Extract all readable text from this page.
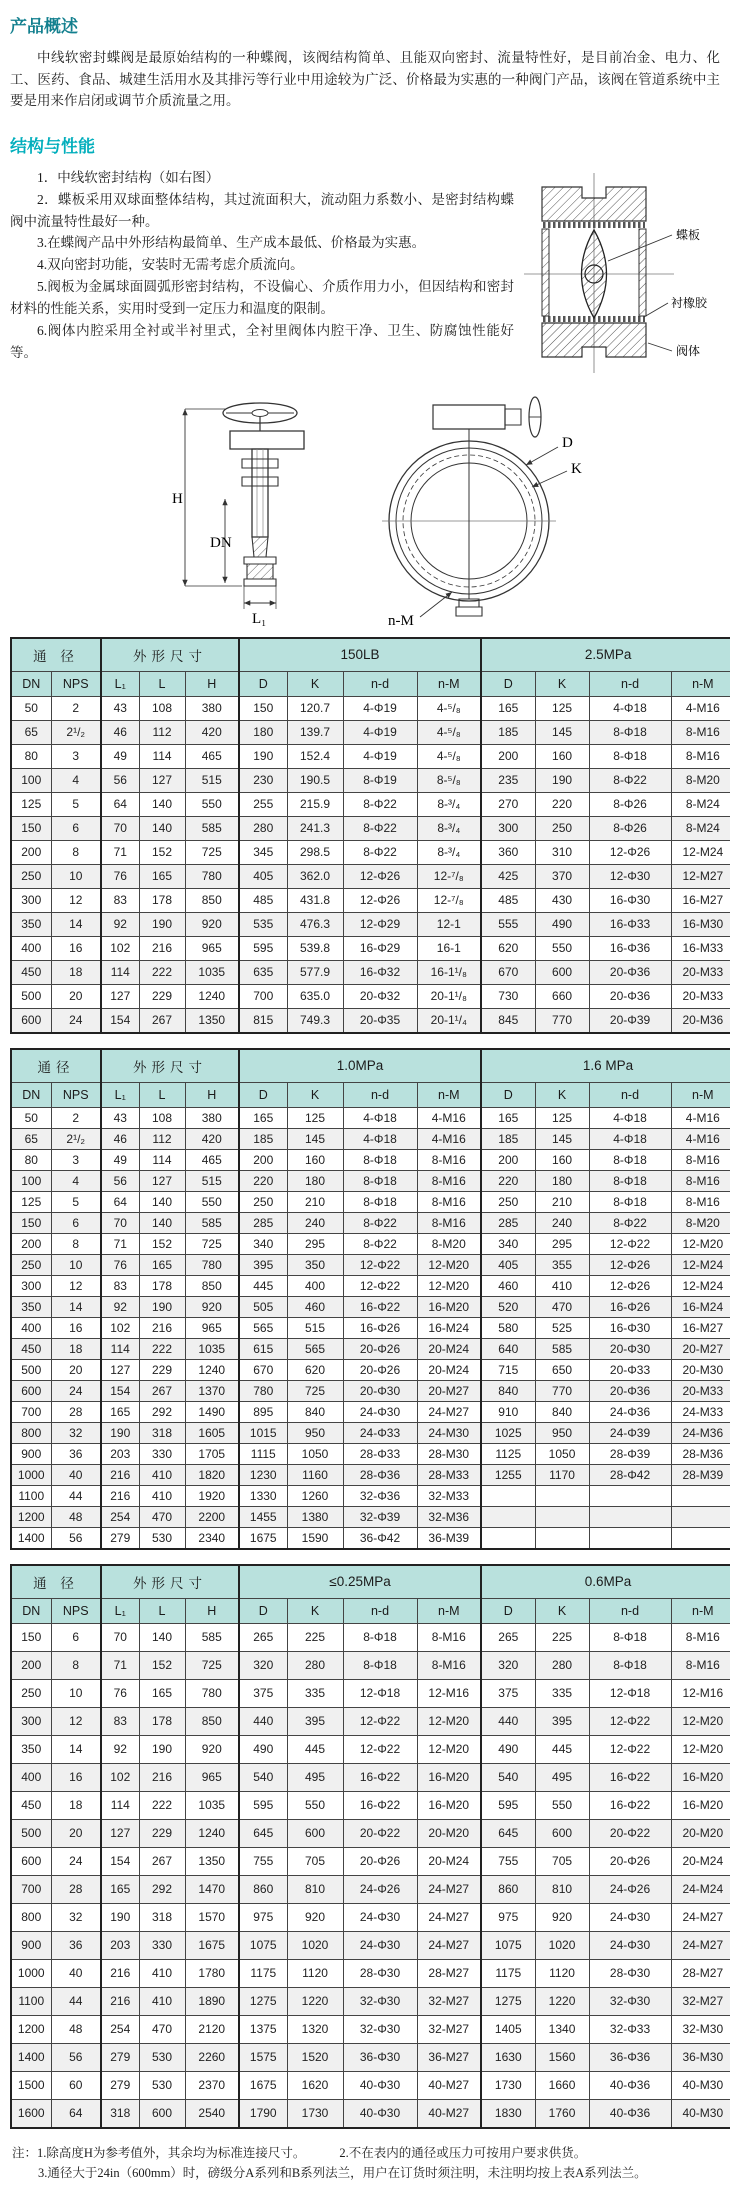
产品概述

中线软密封蝶阀是最原始结构的一种蝶阀，该阀结构简单、且能双向密封、流量特性好，是目前冶金、电力、化工、医药、食品、城建生活用水及其排污等行业中用途较为广泛、价格最为实惠的一种阀门产品，该阀在管道系统中主要是用来作启闭或调节介质流量之用。

结构与性能
蝶板
衬橡胶
阀体

1．中线软密封结构（如右图）

2．蝶板采用双球面整体结构，其过流面积大，流动阻力系数小、是密封结构蝶阀中流量特性最好一种。

3.在蝶阀产品中外形结构最简单、生产成本最低、价格最为实惠。

4.双向密封功能，安装时无需考虑介质流向。

5.阀板为金属球面圆弧形密封结构，不设偏心、介质作用力小，但因结构和密封材料的性能关系，实用时受到一定压力和温度的限制。

6.阀体内腔采用全衬或半衬里式，全衬里阀体内腔干净、卫生、防腐蚀性能好等。

H
DN
L₁
D
K
n-M
通 径		外形尺寸			150LB				2.5MPa			
DN	NPS	L₁	L	H	D	K	n-d	n-M	D	K	n-d	n-M
50	2	43	108	380	150	120.7	4-Φ19	4-⁵/₈	165	125	4-Φ18	4-M16
65	2¹/₂	46	112	420	180	139.7	4-Φ19	4-⁵/₈	185	145	8-Φ18	8-M16
80	3	49	114	465	190	152.4	4-Φ19	4-⁵/₈	200	160	8-Φ18	8-M16
100	4	56	127	515	230	190.5	8-Φ19	8-⁵/₈	235	190	8-Φ22	8-M20
125	5	64	140	550	255	215.9	8-Φ22	8-³/₄	270	220	8-Φ26	8-M24
150	6	70	140	585	280	241.3	8-Φ22	8-³/₄	300	250	8-Φ26	8-M24
200	8	71	152	725	345	298.5	8-Φ22	8-³/₄	360	310	12-Φ26	12-M24
250	10	76	165	780	405	362.0	12-Φ26	12-⁷/₈	425	370	12-Φ30	12-M27
300	12	83	178	850	485	431.8	12-Φ26	12-⁷/₈	485	430	16-Φ30	16-M27
350	14	92	190	920	535	476.3	12-Φ29	12-1	555	490	16-Φ33	16-M30
400	16	102	216	965	595	539.8	16-Φ29	16-1	620	550	16-Φ36	16-M33
450	18	114	222	1035	635	577.9	16-Φ32	16-1¹/₈	670	600	20-Φ36	20-M33
500	20	127	229	1240	700	635.0	20-Φ32	20-1¹/₈	730	660	20-Φ36	20-M33
600	24	154	267	1350	815	749.3	20-Φ35	20-1¹/₄	845	770	20-Φ39	20-M36
通径		外形尺寸			1.0MPa				1.6 MPa			
DN	NPS	L₁	L	H	D	K	n-d	n-M	D	K	n-d	n-M
50	2	43	108	380	165	125	4-Φ18	4-M16	165	125	4-Φ18	4-M16
65	2¹/₂	46	112	420	185	145	4-Φ18	4-M16	185	145	4-Φ18	4-M16
80	3	49	114	465	200	160	8-Φ18	8-M16	200	160	8-Φ18	8-M16
100	4	56	127	515	220	180	8-Φ18	8-M16	220	180	8-Φ18	8-M16
125	5	64	140	550	250	210	8-Φ18	8-M16	250	210	8-Φ18	8-M16
150	6	70	140	585	285	240	8-Φ22	8-M16	285	240	8-Φ22	8-M20
200	8	71	152	725	340	295	8-Φ22	8-M20	340	295	12-Φ22	12-M20
250	10	76	165	780	395	350	12-Φ22	12-M20	405	355	12-Φ26	12-M24
300	12	83	178	850	445	400	12-Φ22	12-M20	460	410	12-Φ26	12-M24
350	14	92	190	920	505	460	16-Φ22	16-M20	520	470	16-Φ26	16-M24
400	16	102	216	965	565	515	16-Φ26	16-M24	580	525	16-Φ30	16-M27
450	18	114	222	1035	615	565	20-Φ26	20-M24	640	585	20-Φ30	20-M27
500	20	127	229	1240	670	620	20-Φ26	20-M24	715	650	20-Φ33	20-M30
600	24	154	267	1370	780	725	20-Φ30	20-M27	840	770	20-Φ36	20-M33
700	28	165	292	1490	895	840	24-Φ30	24-M27	910	840	24-Φ36	24-M33
800	32	190	318	1605	1015	950	24-Φ33	24-M30	1025	950	24-Φ39	24-M36
900	36	203	330	1705	1115	1050	28-Φ33	28-M30	1125	1050	28-Φ39	28-M36
1000	40	216	410	1820	1230	1160	28-Φ36	28-M33	1255	1170	28-Φ42	28-M39
1100	44	216	410	1920	1330	1260	32-Φ36	32-M33				
1200	48	254	470	2200	1455	1380	32-Φ39	32-M36				
1400	56	279	530	2340	1675	1590	36-Φ42	36-M39				
通 径		外形尺寸			≤0.25MPa				0.6MPa			
DN	NPS	L₁	L	H	D	K	n-d	n-M	D	K	n-d	n-M
150	6	70	140	585	265	225	8-Φ18	8-M16	265	225	8-Φ18	8-M16
200	8	71	152	725	320	280	8-Φ18	8-M16	320	280	8-Φ18	8-M16
250	10	76	165	780	375	335	12-Φ18	12-M16	375	335	12-Φ18	12-M16
300	12	83	178	850	440	395	12-Φ22	12-M20	440	395	12-Φ22	12-M20
350	14	92	190	920	490	445	12-Φ22	12-M20	490	445	12-Φ22	12-M20
400	16	102	216	965	540	495	16-Φ22	16-M20	540	495	16-Φ22	16-M20
450	18	114	222	1035	595	550	16-Φ22	16-M20	595	550	16-Φ22	16-M20
500	20	127	229	1240	645	600	20-Φ22	20-M20	645	600	20-Φ22	20-M20
600	24	154	267	1350	755	705	20-Φ26	20-M24	755	705	20-Φ26	20-M24
700	28	165	292	1470	860	810	24-Φ26	24-M27	860	810	24-Φ26	24-M24
800	32	190	318	1570	975	920	24-Φ30	24-M27	975	920	24-Φ30	24-M27
900	36	203	330	1675	1075	1020	24-Φ30	24-M27	1075	1020	24-Φ30	24-M27
1000	40	216	410	1780	1175	1120	28-Φ30	28-M27	1175	1120	28-Φ30	28-M27
1100	44	216	410	1890	1275	1220	32-Φ30	32-M27	1275	1220	32-Φ30	32-M27
1200	48	254	470	2120	1375	1320	32-Φ30	32-M27	1405	1340	32-Φ33	32-M30
1400	56	279	530	2260	1575	1520	36-Φ30	36-M27	1630	1560	36-Φ36	36-M30
1500	60	279	530	2370	1675	1620	40-Φ30	40-M27	1730	1660	40-Φ36	40-M30
1600	64	318	600	2540	1790	1730	40-Φ30	40-M27	1830	1760	40-Φ36	40-M30

注：1.除高度H为参考值外，其余均为标准连接尺寸。	2.不在表内的通径或压力可按用户要求供货。

3.通径大于24in（600mm）时，磅级分A系列和B系列法兰，用户在订货时须注明，未注明均按上表A系列法兰。
